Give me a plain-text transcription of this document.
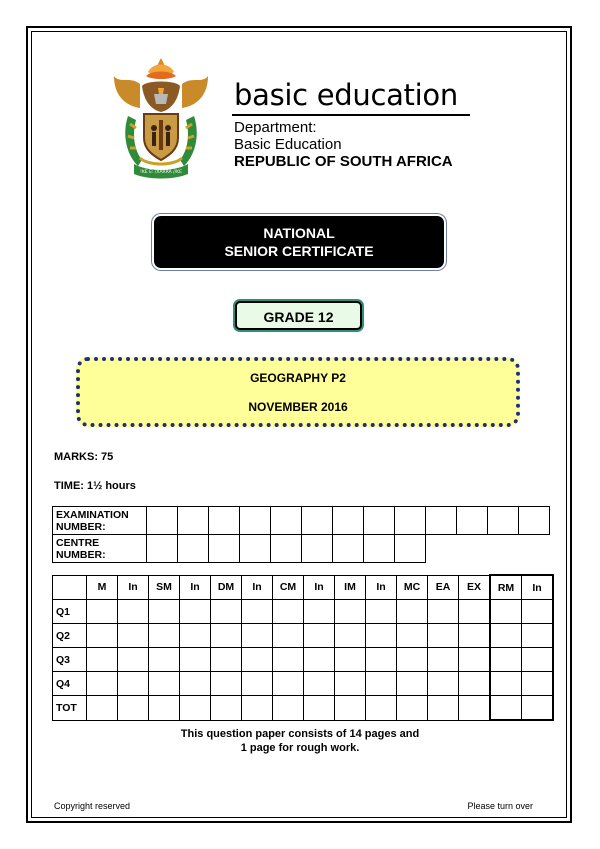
!KE E: /XARRA //KE
basic education
Department:
Basic Education
REPUBLIC OF SOUTH AFRICA
NATIONAL
SENIOR CERTIFICATE
GRADE 12
GEOGRAPHY P2
NOVEMBER 2016
MARKS: 75
TIME: 1½ hours
EXAMINATION NUMBER:													
CENTRE NUMBER:													
	M	In	SM	In	DM	In	CM	In	IM	In	MC	EA	EX	RM	In
Q1															
Q2															
Q3															
Q4															
TOT															
This question paper consists of 14 pages and
1 page for rough work.
Copyright reserved	Please turn over
